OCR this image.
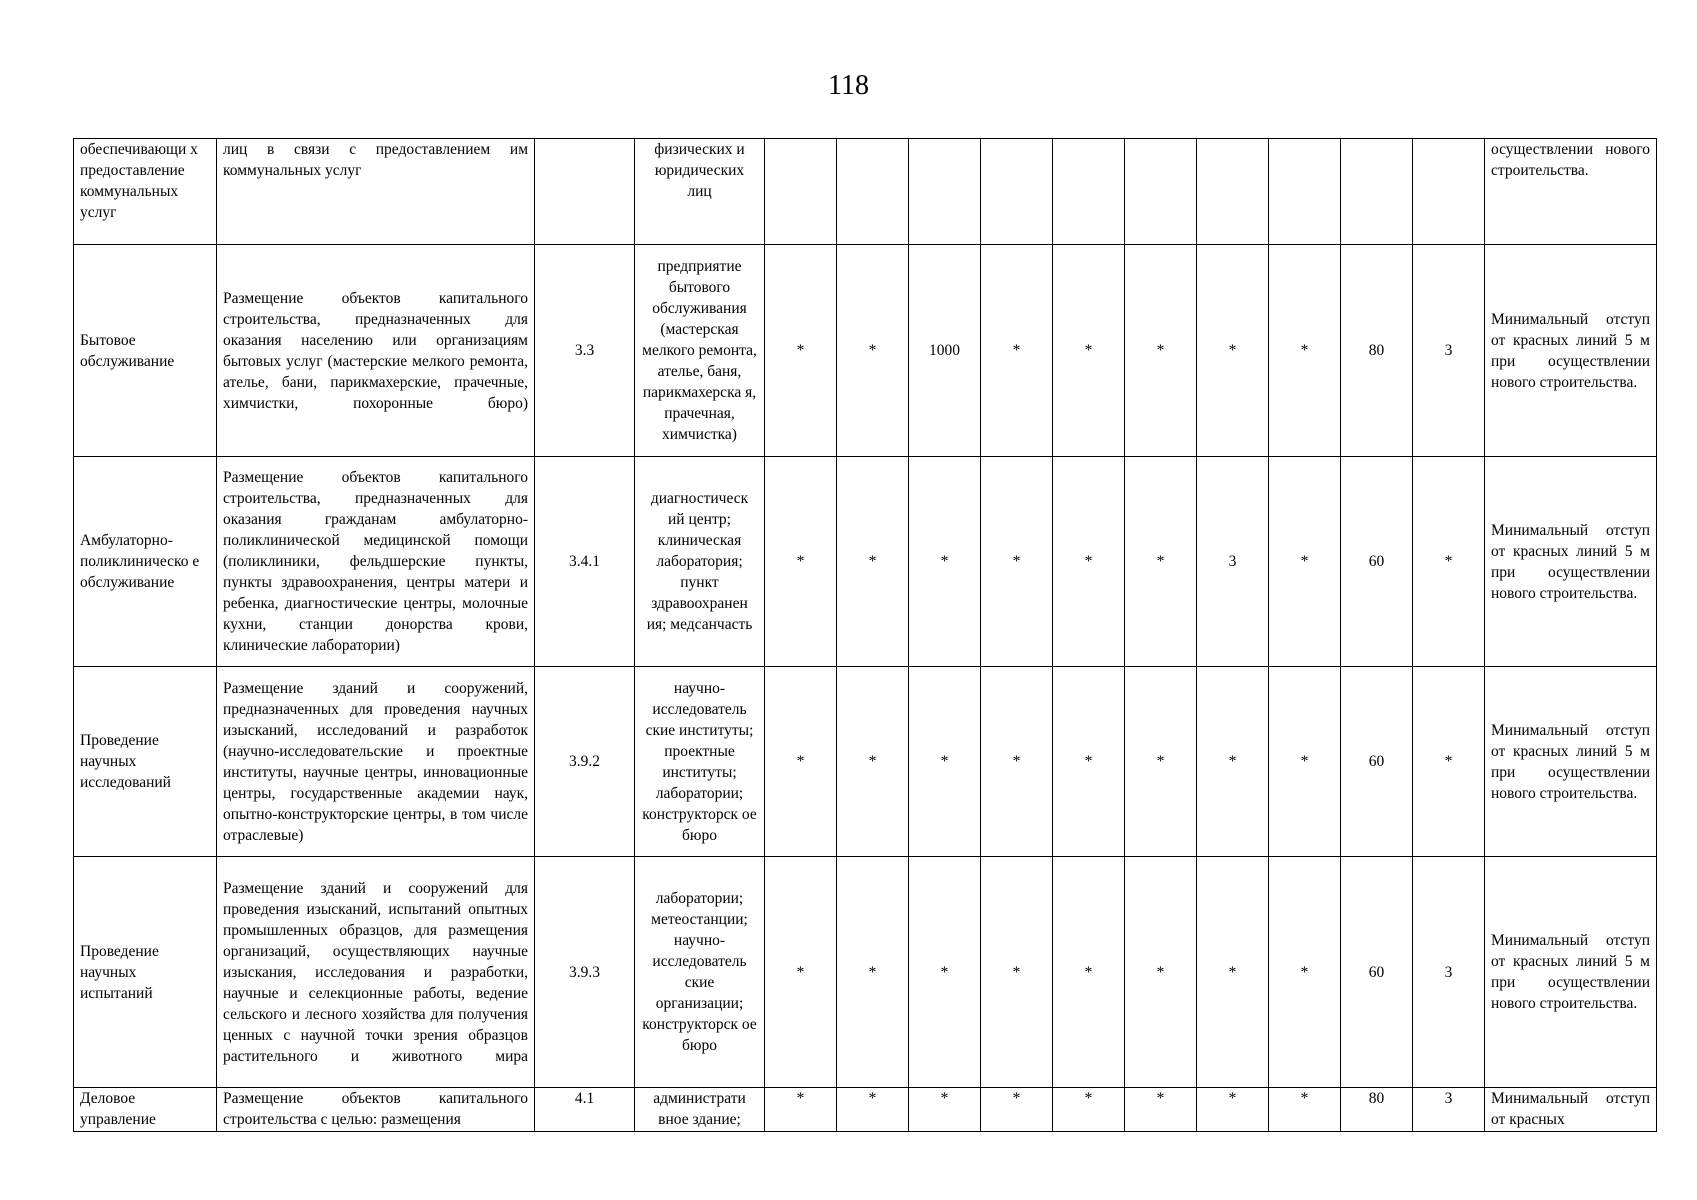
118
обеспечивающи х предоставление коммунальных услуг	лиц в связи с предоставлением им коммунальных услуг		физических и юридических лиц											осуществлении нового строительства.
Бытовое обслуживание	Размещение объектов капитального строительства, предназначенных для оказания населению или организациям бытовых услуг (мастерские мелкого ремонта, ателье, бани, парикмахерские, прачечные, химчистки, похоронные бюро)	3.3	предприятие бытового обслуживания (мастерская мелкого ремонта, ателье, баня, парикмахерска я, прачечная, химчистка)	*	*	1000	*	*	*	*	*	80	3	Минимальный отступ от красных линий 5 м при осуществлении нового строительства.
Амбулаторно-поликлиническо е обслуживание	Размещение объектов капитального строительства, предназначенных для оказания гражданам амбулаторно-поликлинической медицинской помощи (поликлиники, фельдшерские пункты, пункты здравоохранения, центры матери и ребенка, диагностические центры, молочные кухни, станции донорства крови, клинические лаборатории)	3.4.1	диагностическ ий центр; клиническая лаборатория; пункт здравоохранен ия; медсанчасть	*	*	*	*	*	*	3	*	60	*	Минимальный отступ от красных линий 5 м при осуществлении нового строительства.
Проведение научных исследований	Размещение зданий и сооружений, предназначенных для проведения научных изысканий, исследований и разработок (научно-исследовательские и проектные институты, научные центры, инновационные центры, государственные академии наук, опытно-конструкторские центры, в том числе отраслевые)	3.9.2	научно-исследователь ские институты; проектные институты; лаборатории; конструкторск ое бюро	*	*	*	*	*	*	*	*	60	*	Минимальный отступ от красных линий 5 м при осуществлении нового строительства.
Проведение научных испытаний	Размещение зданий и сооружений для проведения изысканий, испытаний опытных промышленных образцов, для размещения организаций, осуществляющих научные изыскания, исследования и разработки, научные и селекционные работы, ведение сельского и лесного хозяйства для получения ценных с научной точки зрения образцов растительного и животного мира	3.9.3	лаборатории; метеостанции; научно-исследователь ские организации; конструкторск ое бюро	*	*	*	*	*	*	*	*	60	3	Минимальный отступ от красных линий 5 м при осуществлении нового строительства.
Деловое управление	Размещение объектов капитального строительства с целью: размещения	4.1	администрати вное здание;	*	*	*	*	*	*	*	*	80	3	Минимальный отступ от красных
